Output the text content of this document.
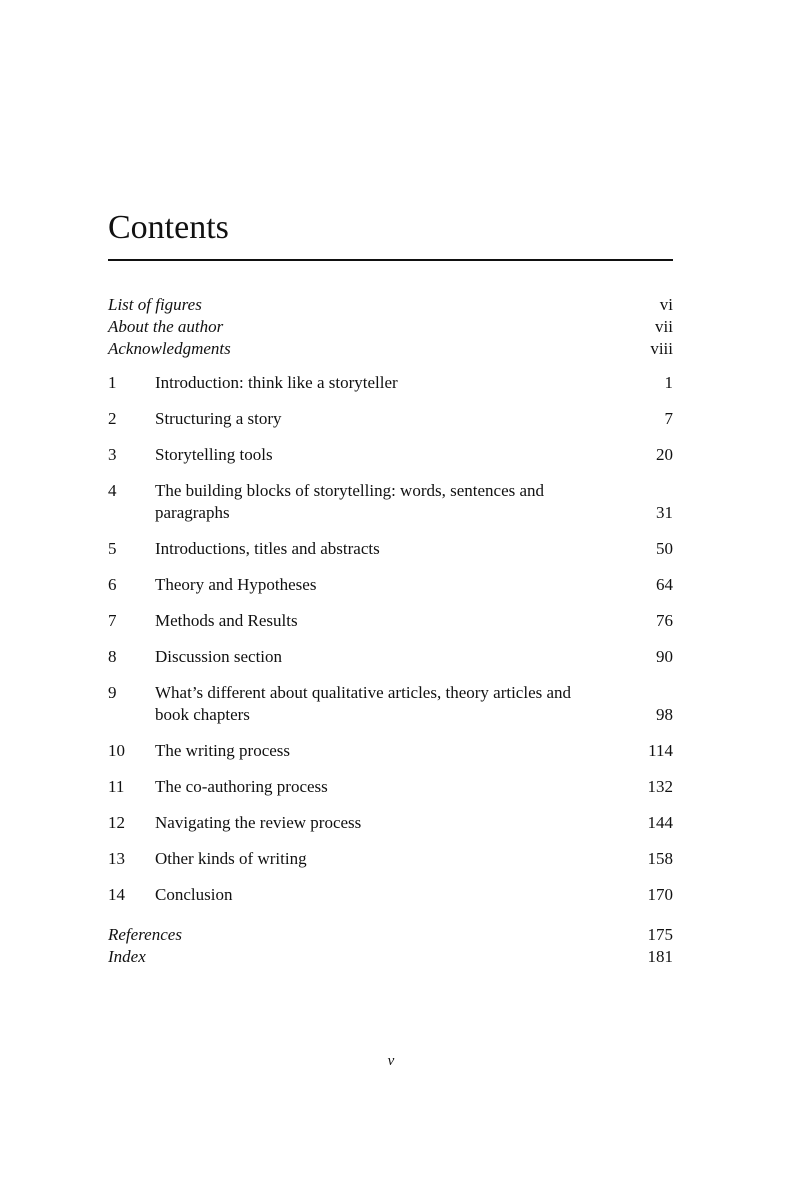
Contents
List of figures	vi
About the author	vii
Acknowledgments	viii
1	Introduction: think like a storyteller	1
2	Structuring a story	7
3	Storytelling tools	20
4	The building blocks of storytelling: words, sentences and paragraphs	31
5	Introductions, titles and abstracts	50
6	Theory and Hypotheses	64
7	Methods and Results	76
8	Discussion section	90
9	What’s different about qualitative articles, theory articles and book chapters	98
10	The writing process	114
11	The co-authoring process	132
12	Navigating the review process	144
13	Other kinds of writing	158
14	Conclusion	170
References	175
Index	181
v
